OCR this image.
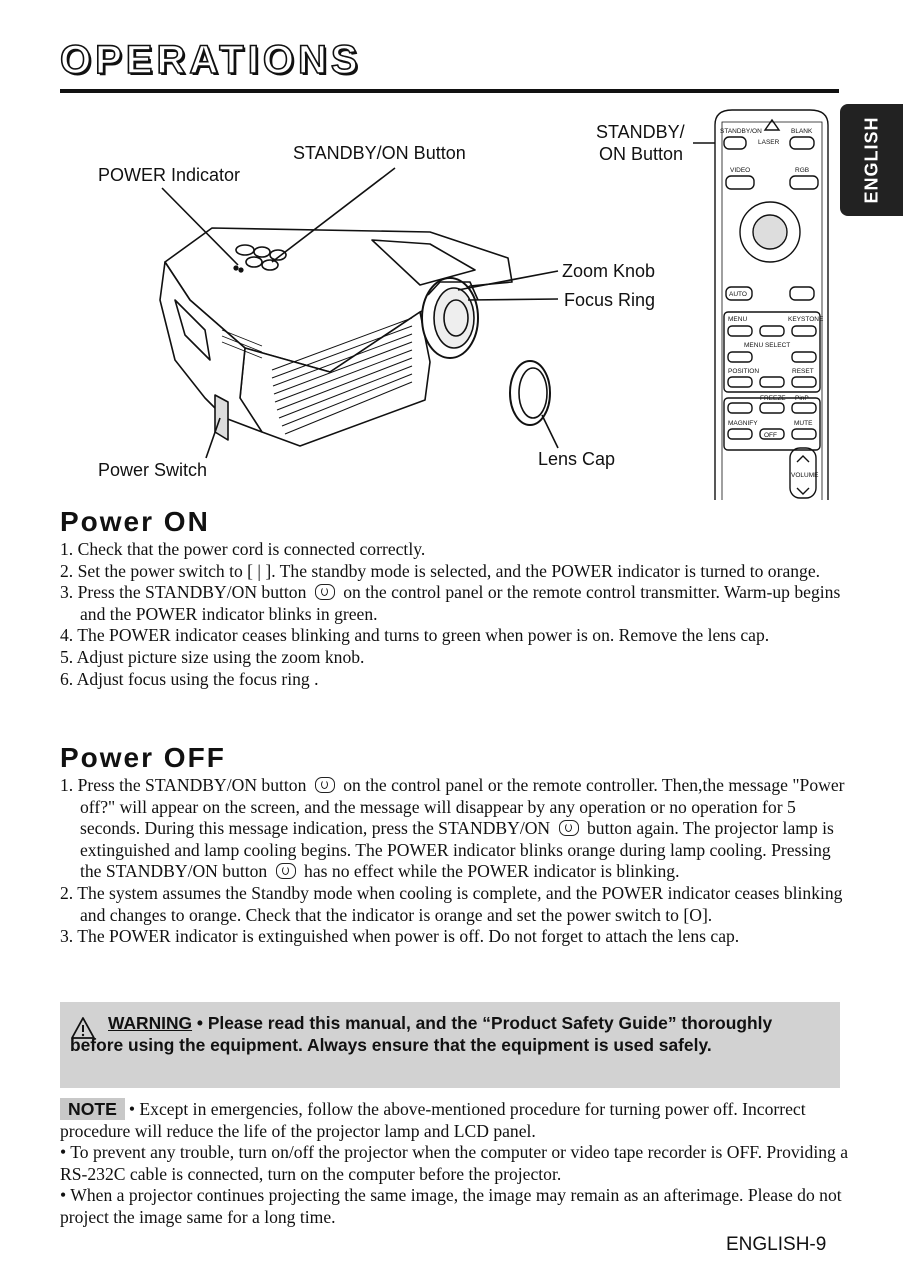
OPERATIONS
ENGLISH
STANDBY/ON
LASER
BLANK
VIDEO	RGB
AUTO
MENU	KEYSTONE
MENU SELECT
POSITION	RESET
FREEZE PinP
MAGNIFY
OFF
MUTE
VOLUME
POWER Indicator
STANDBY/ON Button
STANDBY/
ON Button
Zoom Knob
Focus Ring
Power Switch
Lens Cap
Power ON
1. Check that the power cord is connected correctly.
2. Set the power switch to [ | ]. The standby mode is selected, and the POWER indicator is turned to orange.
3. Press the STANDBY/ON button on the control panel or the remote control transmitter. Warm-up begins and the POWER indicator blinks in green.
4. The POWER indicator ceases blinking and turns to green when power is on. Remove the lens cap.
5. Adjust picture size using the zoom knob.
6. Adjust focus using the focus ring .
Power OFF
1. Press the STANDBY/ON button on the control panel or the remote controller. Then,the message "Power off?" will appear on the screen, and the message will disappear by any operation or no operation for 5 seconds. During this message indication, press the STANDBY/ON button again. The projector lamp is extinguished and lamp cooling begins. The POWER indicator blinks orange during lamp cooling. Pressing the STANDBY/ON button has no effect while the POWER indicator is blinking.
2. The system assumes the Standby mode when cooling is complete, and the POWER indicator ceases blinking and changes to orange. Check that the indicator is orange and set the power switch to [O].
3. The POWER indicator is extinguished when power is off. Do not forget to attach the lens cap.
WARNING • Please read this manual, and the “Product Safety Guide” thoroughly before using the equipment. Always ensure that the equipment is used safely.

NOTE • Except in emergencies, follow the above-mentioned procedure for turning power off. Incorrect procedure will reduce the life of the projector lamp and LCD panel.

• To prevent any trouble, turn on/off the projector when the computer or video tape recorder is OFF. Providing a RS-232C cable is connected, turn on the computer before the projector.

• When a projector continues projecting the same image, the image may remain as an afterimage. Please do not project the image same for a long time.

ENGLISH-9
